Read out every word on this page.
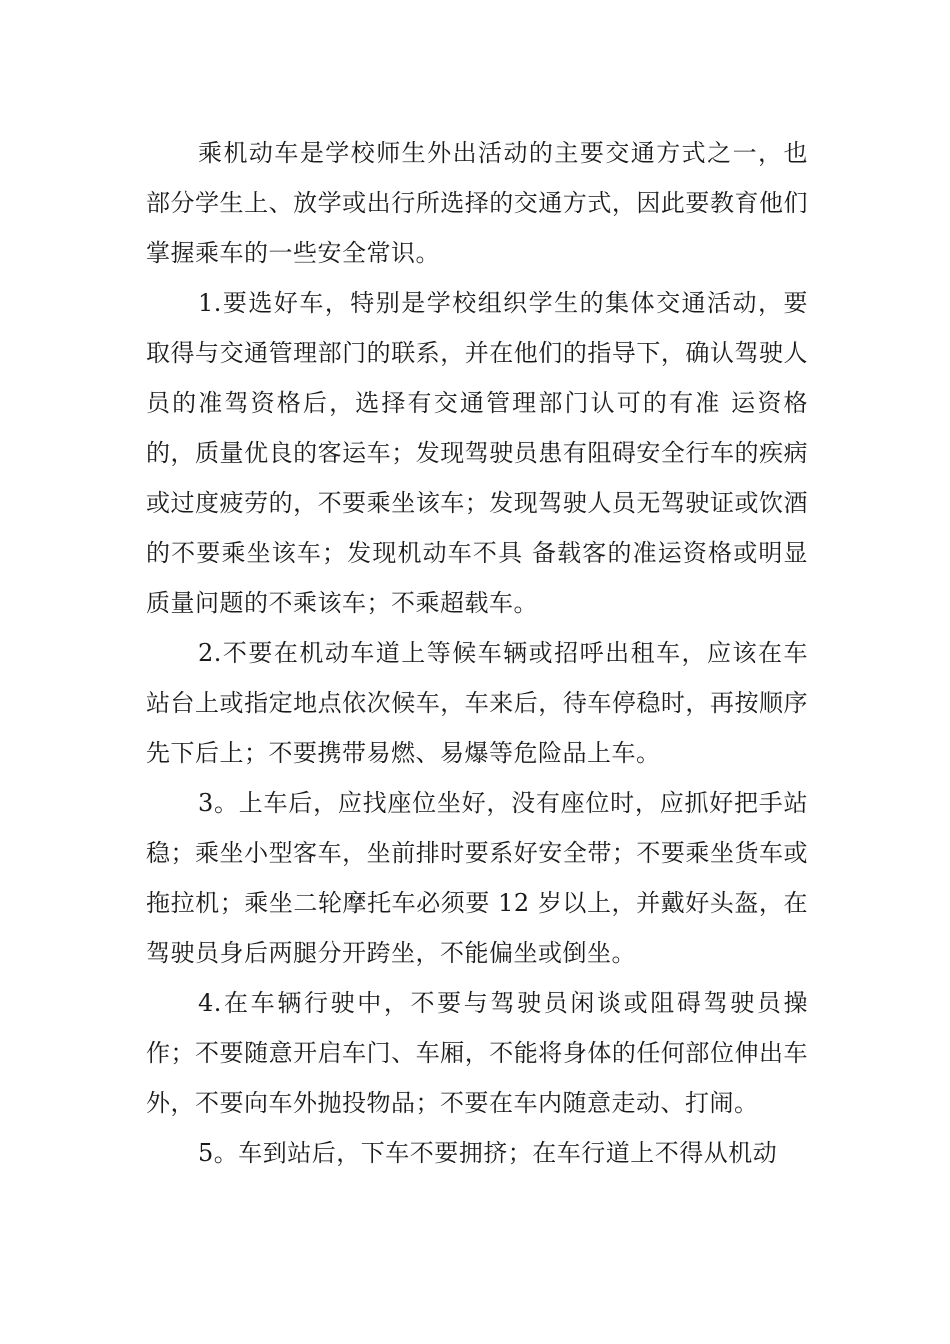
乘机动车是学校师生外出活动的主要交通方式之一，也部分学生上、放学或出行所选择的交通方式，因此要教育他们掌握乘车的一些安全常识。

1.要选好车，特别是学校组织学生的集体交通活动，要取得与交通管理部门的联系，并在他们的指导下，确认驾驶人员的准驾资格后，选择有交通管理部门认可的有准 运资格的，质量优良的客运车；发现驾驶员患有阻碍安全行车的疾病或过度疲劳的，不要乘坐该车；发现驾驶人员无驾驶证或饮酒的不要乘坐该车；发现机动车不具 备载客的准运资格或明显质量问题的不乘该车；不乘超载车。

2.不要在机动车道上等候车辆或招呼出租车，应该在车站台上或指定地点依次候车，车来后，待车停稳时，再按顺序先下后上；不要携带易燃、易爆等危险品上车。

3。上车后，应找座位坐好，没有座位时，应抓好把手站稳；乘坐小型客车，坐前排时要系好安全带；不要乘坐货车或拖拉机；乘坐二轮摩托车必须要 12 岁以上，并戴好头盔，在驾驶员身后两腿分开跨坐，不能偏坐或倒坐。

4.在车辆行驶中，不要与驾驶员闲谈或阻碍驾驶员操作；不要随意开启车门、车厢，不能将身体的任何部位伸出车外，不要向车外抛投物品；不要在车内随意走动、打闹。

5。车到站后，下车不要拥挤；在车行道上不得从机动
